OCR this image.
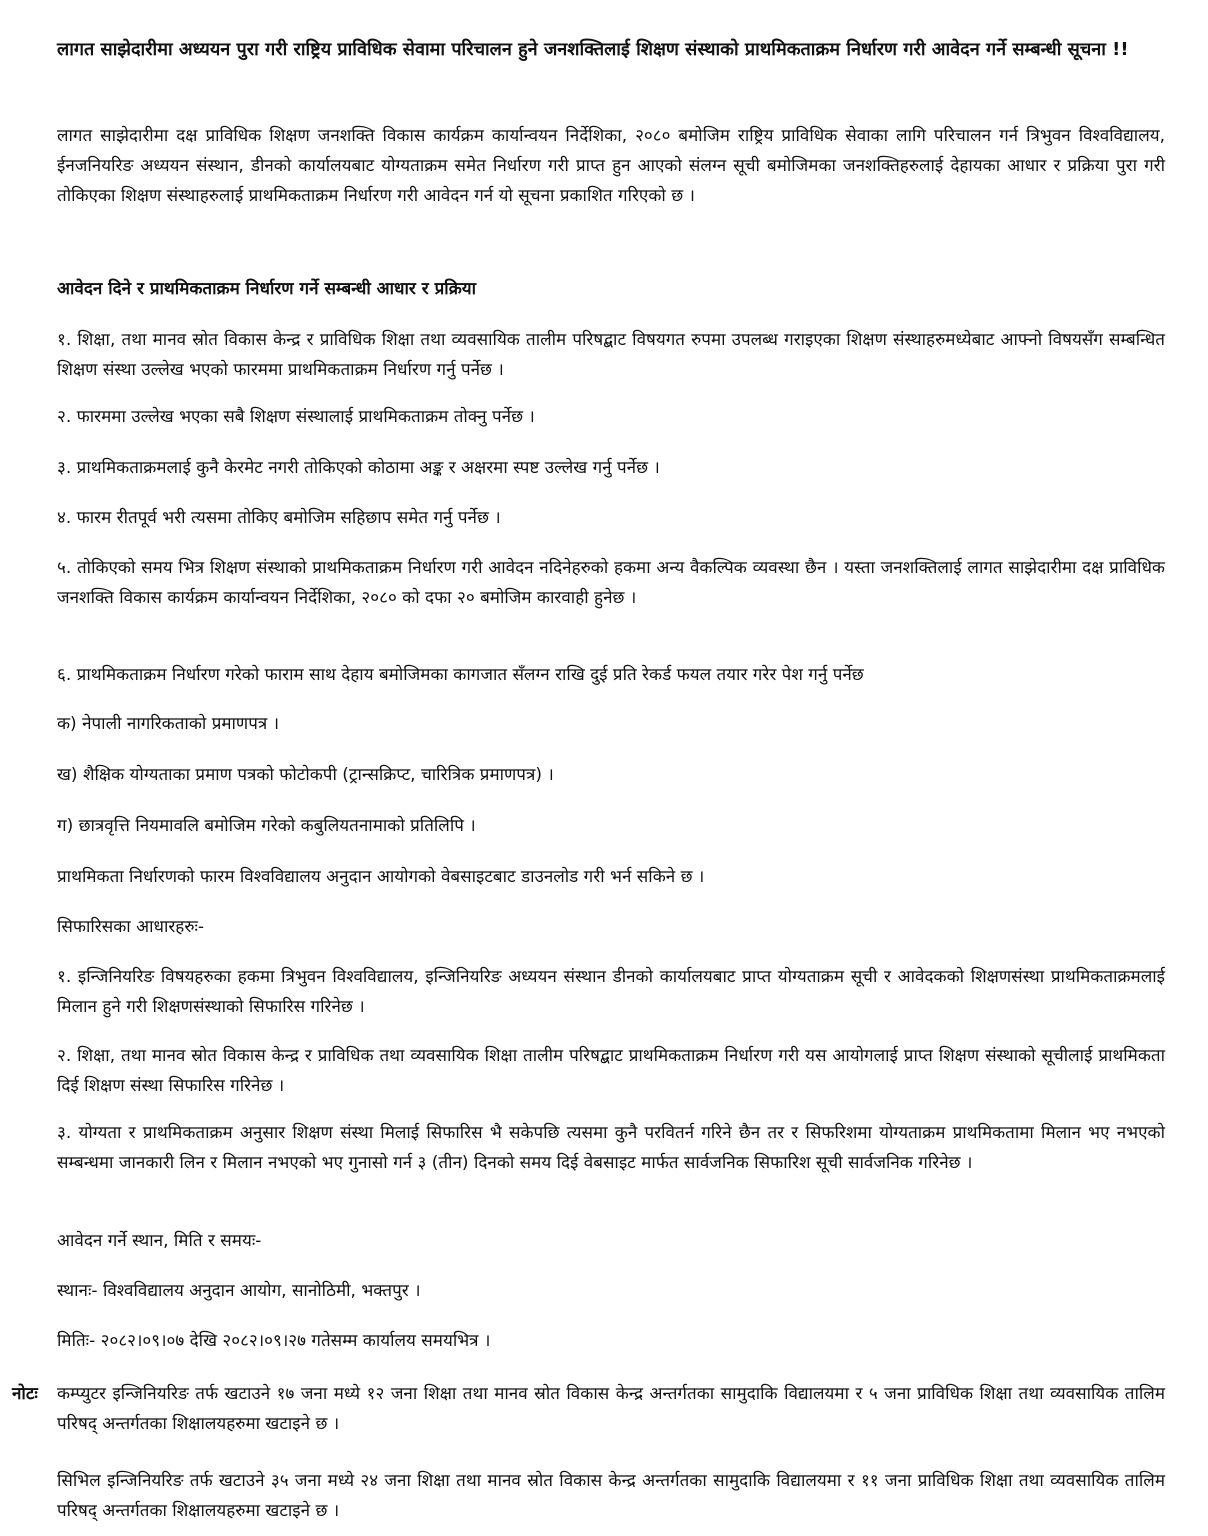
लागत साझेदारीमा अध्ययन पुरा गरी राष्ट्रिय प्राविधिक सेवामा परिचालन हुने जनशक्तिलाई शिक्षण संस्थाको प्राथमिकताक्रम निर्धारण गरी आवेदन गर्ने सम्बन्धी सूचना !!

लागत साझेदारीमा दक्ष प्राविधिक शिक्षण जनशक्ति विकास कार्यक्रम कार्यान्वयन निर्देशिका, २०८० बमोजिम राष्ट्रिय प्राविधिक सेवाका लागि परिचालन गर्न त्रिभुवन विश्वविद्यालय, ईनजनियरिङ अध्ययन संस्थान, डीनको कार्यालयबाट योग्यताक्रम समेत निर्धारण गरी प्राप्त हुन आएको संलग्न सूची बमोजिमका जनशक्तिहरुलाई देहायका आधार र प्रक्रिया पुरा गरी तोकिएका शिक्षण संस्थाहरुलाई प्राथमिकताक्रम निर्धारण गरी आवेदन गर्न यो सूचना प्रकाशित गरिएको छ ।

आवेदन दिने र प्राथमिकताक्रम निर्धारण गर्ने सम्बन्धी आधार र प्रक्रिया

१. शिक्षा, तथा मानव स्रोत विकास केन्द्र र प्राविधिक शिक्षा तथा व्यवसायिक तालीम परिषद्बाट विषयगत रुपमा उपलब्ध गराइएका शिक्षण संस्थाहरुमध्येबाट आफ्नो विषयसँग सम्बन्धित शिक्षण संस्था उल्लेख भएको फारममा प्राथमिकताक्रम निर्धारण गर्नु पर्नेछ ।

२. फारममा उल्लेख भएका सबै शिक्षण संस्थालाई प्राथमिकताक्रम तोक्नु पर्नेछ ।

३. प्राथमिकताक्रमलाई कुनै केरमेट नगरी तोकिएको कोठामा अङ्क र अक्षरमा स्पष्ट उल्लेख गर्नु पर्नेछ ।

४. फारम रीतपूर्व भरी त्यसमा तोकिए बमोजिम सहिछाप समेत गर्नु पर्नेछ ।

५. तोकिएको समय भित्र शिक्षण संस्थाको प्राथमिकताक्रम निर्धारण गरी आवेदन नदिनेहरुको हकमा अन्य वैकल्पिक व्यवस्था छैन । यस्ता जनशक्तिलाई लागत साझेदारीमा दक्ष प्राविधिक जनशक्ति विकास कार्यक्रम कार्यान्वयन निर्देशिका, २०८० को दफा २० बमोजिम कारवाही हुनेछ ।

६. प्राथमिकताक्रम निर्धारण गरेको फाराम साथ देहाय बमोजिमका कागजात सँलग्न राखि दुई प्रति रेकर्ड फयल तयार गरेर पेश गर्नु पर्नेछ

क) नेपाली नागरिकताको प्रमाणपत्र ।

ख) शैक्षिक योग्यताका प्रमाण पत्रको फोटोकपी (ट्रान्सक्रिप्ट, चारित्रिक प्रमाणपत्र) ।

ग) छात्रवृत्ति नियमावलि बमोजिम गरेको कबुलियतनामाको प्रतिलिपि ।

प्राथमिकता निर्धारणको फारम विश्वविद्यालय अनुदान आयोगको वेबसाइटबाट डाउनलोड गरी भर्न सकिने छ ।

सिफारिसका आधारहरुः-

१. इन्जिनियरिङ विषयहरुका हकमा त्रिभुवन विश्वविद्यालय, इन्जिनियरिङ अध्ययन संस्थान डीनको कार्यालयबाट प्राप्त योग्यताक्रम सूची र आवेदकको शिक्षणसंस्था प्राथमिकताक्रमलाई मिलान हुने गरी शिक्षणसंस्थाको सिफारिस गरिनेछ ।

२. शिक्षा, तथा मानव स्रोत विकास केन्द्र र प्राविधिक तथा व्यवसायिक शिक्षा तालीम परिषद्बाट प्राथमिकताक्रम निर्धारण गरी यस आयोगलाई प्राप्त शिक्षण संस्थाको सूचीलाई प्राथमिकता दिई शिक्षण संस्था सिफारिस गरिनेछ ।

३. योग्यता र प्राथमिकताक्रम अनुसार शिक्षण संस्था मिलाई सिफारिस भै सकेपछि त्यसमा कुनै परवितर्न गरिने छैन तर र सिफरिशमा योग्यताक्रम प्राथमिकतामा मिलान भए नभएको सम्बन्धमा जानकारी लिन र मिलान नभएको भए गुनासो गर्न ३ (तीन) दिनको समय दिई वेबसाइट मार्फत सार्वजनिक सिफारिश सूची सार्वजनिक गरिनेछ ।

आवेदन गर्ने स्थान, मिति र समयः-

स्थानः- विश्वविद्यालय अनुदान आयोग, सानोठिमी, भक्तपुर ।

मितिः- २०८२।०९।०७ देखि २०८२।०९।२७ गतेसम्म कार्यालय समयभित्र ।

नोटः कम्प्युटर इन्जिनियरिङ तर्फ खटाउने १७ जना मध्ये १२ जना शिक्षा तथा मानव स्रोत विकास केन्द्र अन्तर्गतका सामुदाकि विद्यालयमा र ५ जना प्राविधिक शिक्षा तथा व्यवसायिक तालिम परिषद् अन्तर्गतका शिक्षालयहरुमा खटाइने छ ।

सिभिल इन्जिनियरिङ तर्फ खटाउने ३५ जना मध्ये २४ जना शिक्षा तथा मानव स्रोत विकास केन्द्र अन्तर्गतका सामुदाकि विद्यालयमा र ११ जना प्राविधिक शिक्षा तथा व्यवसायिक तालिम परिषद् अन्तर्गतका शिक्षालयहरुमा खटाइने छ ।
